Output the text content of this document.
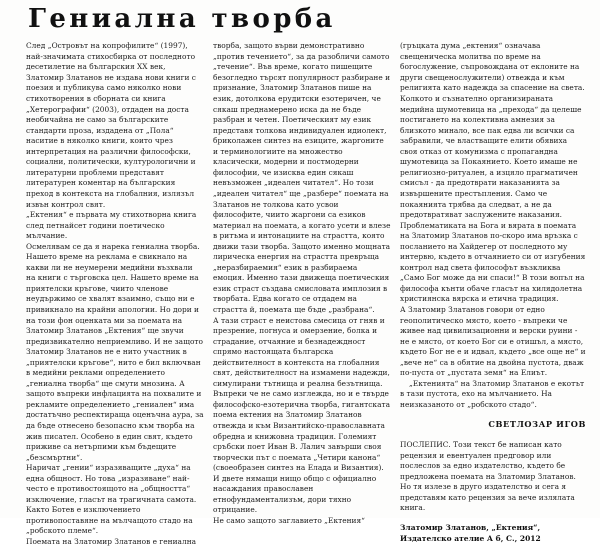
Гениална творба

След „Островът на копрофилите“ (1997), най-значимата стихосбирка от последното десетилетие на българския XX век, Златомир Златанов не издава нови книги с поезия и публикува само няколко нови стихотворения в сборната си книга „Хетерографии“ (2003), отдаден на доста необичайна не само за българските стандарти проза, издадена от „Пола“ наситие в няколко книги, които чрез интерпретация на различни философски, социални, политически, културологични и литературни проблеми представят литературен коментар на българския преход в контекста на глобалния, излязъл извън контрол свят.

„Ектения“ е първата му стихотворна книга след петнайсет години поетическо мълчание.

Осмелявам се да я нарека гениална творба. Нашето време на реклама е свикнало на какви ли не неумерени медийни възхвали на книги с търговска цел. Нашето време на приятелски кръгове, чиито членове неудържимо се хвалят взаимно, също ни е привикнало на крайни апологии. Но дори и на този фон оценката ми за поемата на Златомир Златанов „Ектения“ ще звучи предизвикателно неприемливо. И не защото Златомир Златанов не е нито участник в „приятелски кръгове“, нито е бил включван в медийни реклами определението „гениална творба“ ще смути мнозина. А защото въпреки инфлацията на похвалите и рекламите определението „гениален“ има достатъчно респектираща оценъчна аура, за да бъде отнесено безопасно към творба на жив писател. Особено в един свят, където приживе са нетърпими към бъдещите „безсмъртни“.

Наричат „гении“ изразяващите „духа“ на една общност. Но това „изразяване“ най-често е противостоящото на „общността“ изключение, гласът на трагичната самота. Както Ботев е изключението противопоставяне на мълчащото стадо на „робското племе“.

Поемата на Златомир Златанов е гениална

творба, защото върви демонстративно „против течението“, за да разобличи самото „течение“. Във време, когато пишещите безогледно търсят популярност разбиране и признание, Златомир Златанов пише на език, дотолкова ерудитски езотеричен, че сякаш преднамерено иска да не бъде разбран и четен. Поетическият му език представя толкова индивидуален идиолект, бриколажен синтез на езиците, жаргоните и терминологиите на множество класически, модерни и постмодерни философии, че изисква един сякаш невъзможен „идеален читател“. Но този „идеален читател“ ще „разбере“ поемата на Златанов не толкова като усвои философите, чиито жаргони са езиков материал на поемата, а когато усети и влезе в ритъма и интонациите на страстта, която движи тази творба. Защото именно мощната лирическа енергия на страстта превръща „неразбираемия“ език в разбираема емоция. Именно тази движеща поетическия език страст създава смисловата имплозия в творбата. Едва когато се отдадем на страстта й, поемата ще бъде „разбрана“.

А тази страст е неистова смесица от гняв и презрение, погнуса и омерзение, болка и страдание, отчаяние и безнадеждност спрямо настоящата българска действителност в контекста на глобалния свят, действителност на измамени надежди, симулирани тътнища и реална безътнища.

Въпреки че не само изглежда, но и е твърде философско-езотерична творба, гигантската поема ектения на Златомир Златанов отвежда и към Византийско-православната обредна и книжовна традиция. Големият сръбски поет Иван В. Лалич завърши своя творчески път с поемата „Четири канона“ (своеобразен синтез на Елада и Византия). И двете нямащи нищо общо с официално насаждания православен етнофундаментализъм, дори тяхно отрицание.

Не само защото заглавието „Ектения“

(гръцката дума „ектения“ означава свещеническа молитва по време на богослужение, съпровождана от еклоните на други свещенослужители) отвежда и към религията като надежда за спасение на света. Колкото и съзнателно организираната медийна шумотевица на „прехода“ да целеше постигането на колективна амнезия за близкото минало, все пак едва ли всички са забравили, че властващите елити обявиха своя отказ от комунизма с пропагандна шумотевица за Покаянието. Което имаше не религиозно-ритуален, а изцяло прагматичен смисъл - да предотврати наказанията за извършените престъпления. Само че покаянията трябва да следват, а не да предотвратяват заслужените наказания.

Проблематиката на Бога и вярата в поемата на Златомир Златанов по-скоро има връзка с посланието на Хайдегер от последното му интервю, където в отчаянието си от изгубения контрол над света философът възкликва „Само Бог може да ни спаси!“ В този вопъл на философа кънти обаче гласът на хилядолетна християнска вярска и етична традиция.

А Златомир Златанов говори от едно геополитическо място, което - въпреки че живее над цивилизационни и верски руини - не е място, от което Бог си е отишъл, а място, където Бог не е и идвал, където „все още не“ и „вече не“ са в обятие на двойна пустота, дваж по-пуста от „пустата земя“ на Елиът.

„Ектенията“ на Златомир Златанов е екотът в тази пустота, ехо на мълчанието. На неизказаното от „робското стадо“.

СВЕТЛОЗАР ИГОВ

ПОСЛЕПИС. Този текст бе написан като рецензия и евентуален предговор или послеслов за едно издателство, където бе предложена поемата на Златомир Златанов. Но тя излезе в друго издателство и сега я представям като рецензия за вече излялата книга.

Златомир Златанов, „Ектения“,
Издателско ателие А б, С., 2012
